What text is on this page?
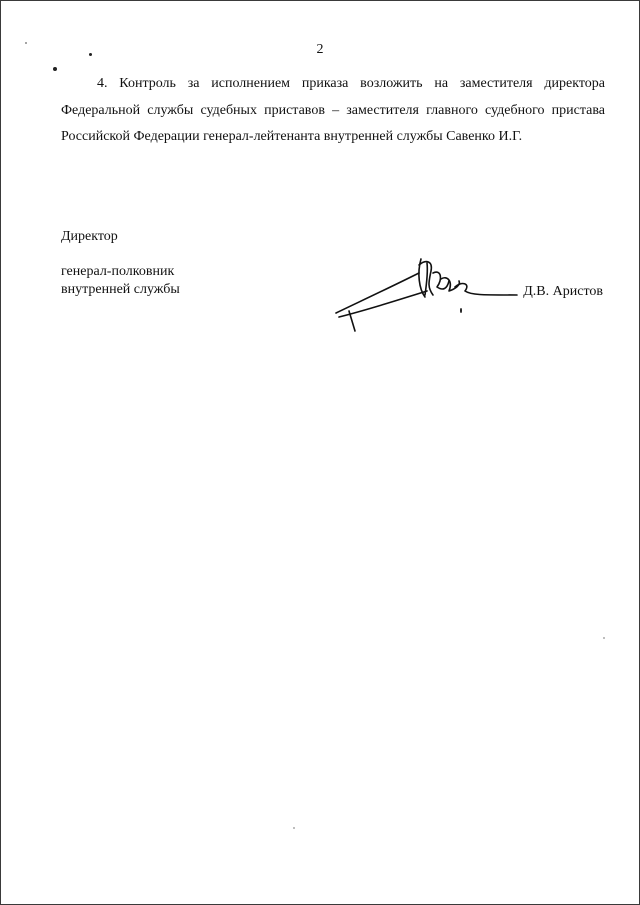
2

4. Контроль за исполнением приказа возложить на заместителя директора Федеральной службы судебных приставов – заместителя главного судебного пристава Российской Федерации генерал-лейтенанта внутренней службы Савенко И.Г.

Директор
генерал-полковник
внутренней службы	Д.В. Аристов
